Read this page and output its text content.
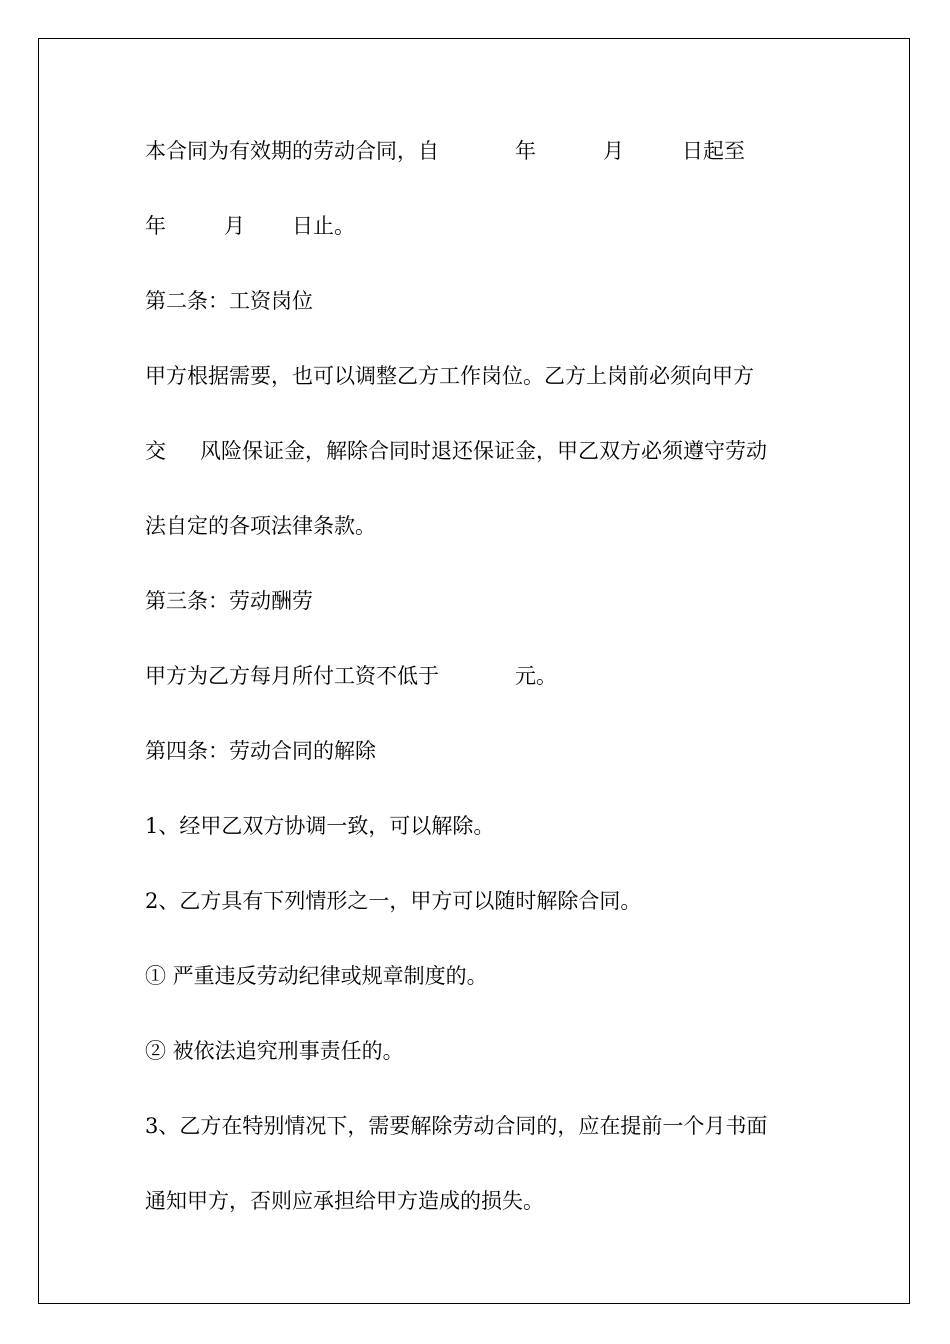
本合同为有效期的劳动合同，自

	年

	月

	日起至

年

	月

日止。

第二条：工资岗位

甲方根据需要，也可以调整乙方工作岗位。乙方上岗前必须向甲方

交

风险保证金，解除合同时退还保证金，甲乙双方必须遵守劳动

法自定的各项法律条款。

第三条：劳动酬劳

甲方为乙方每月所付工资不低于

	元。

第四条：劳动合同的解除

1、经甲乙双方协调一致，可以解除。

2、乙方具有下列情形之一，甲方可以随时解除合同。

① 严重违反劳动纪律或规章制度的。

② 被依法追究刑事责任的。

3、乙方在特别情况下，需要解除劳动合同的，应在提前一个月书面

通知甲方，否则应承担给甲方造成的损失。
